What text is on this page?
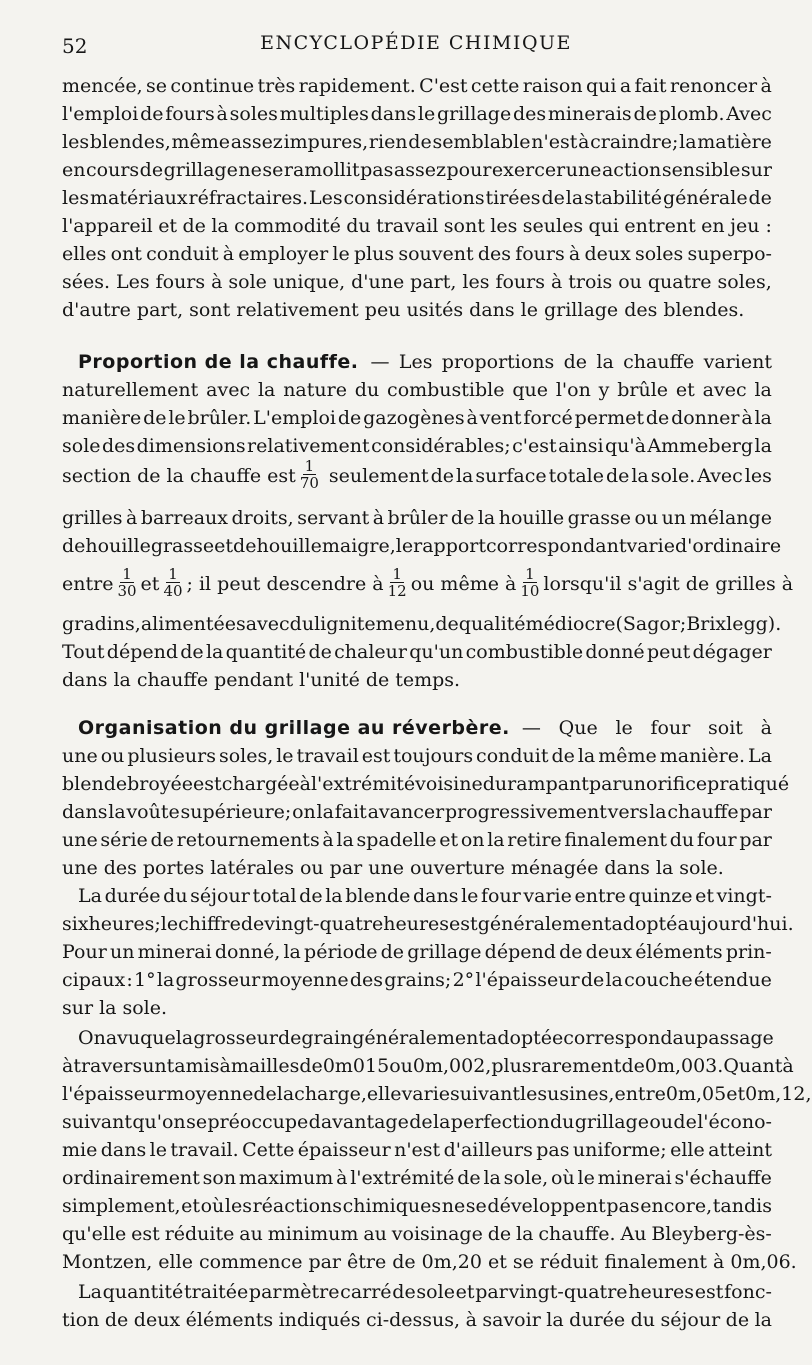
52	ENCYCLOPÉDIE CHIMIQUE
mencée, se continue très rapidement. C'est cette raison qui a fait renoncer à
l'emploi de fours à soles multiples dans le grillage des minerais de plomb. Avec
les blendes, même assez impures, rien de semblable n'est à craindre; la matière
en cours de grillage ne se ramollit pas assez pour exercer une action sensible sur
les matériaux réfractaires. Les considérations tirées de la stabilité générale de
l'appareil et de la commodité du travail sont les seules qui entrent en jeu :
elles ont conduit à employer le plus souvent des fours à deux soles superpo-
sées. Les fours à sole unique, d'une part, les fours à trois ou quatre soles,
d'autre part, sont relativement peu usités dans le grillage des blendes.
Proportion de la chauffe. — Les proportions de la chauffe varient
naturellement avec la nature du combustible que l'on y brûle et avec la
manière de le brûler. L'emploi de gazogènes à vent forcé permet de donner à la
sole des dimensions relativement considérables; c'est ainsi qu'à Ammeberg la
section de la chauffe est $\frac{1}{70}$ seulement de la surface totale de la sole. Avec les
grilles à barreaux droits, servant à brûler de la houille grasse ou un mélange
de houille grasse et de houille maigre, le rapport correspondant varie d'ordinaire
entre $\frac{1}{30}$ et $\frac{1}{40}$ ; il peut descendre à $\frac{1}{12}$ ou même à $\frac{1}{10}$ lorsqu'il s'agit de grilles à
gradins, alimentées avec du lignite menu, de qualité médiocre (Sagor; Brixlegg).
Tout dépend de la quantité de chaleur qu'un combustible donné peut dégager
dans la chauffe pendant l'unité de temps.
Organisation du grillage au réverbère. — Que le four soit à
une ou plusieurs soles, le travail est toujours conduit de la même manière. La
blende broyée est chargée à l'extrémité voisine du rampant par un orifice pratiqué
dans la voûte supérieure; on la fait avancer progressivement vers la chauffe par
une série de retournements à la spadelle et on la retire finalement du four par
une des portes latérales ou par une ouverture ménagée dans la sole.
La durée du séjour total de la blende dans le four varie entre quinze et vingt-
six heures; le chiffre de vingt-quatre heures est généralement adopté aujourd'hui.
Pour un minerai donné, la période de grillage dépend de deux éléments prin-
cipaux : 1° la grosseur moyenne des grains; 2° l'épaisseur de la couche étendue
sur la sole.
On a vu que la grosseur de grain généralement adoptée correspond au passage
à travers un tamis à mailles de 0m015 ou 0m,002, plus rarement de 0m,003. Quant à
l'épaisseur moyenne de la charge, elle varie suivant les usines, entre 0m,05 et 0m,12,
suivant qu'on se préoccupe davantage de la perfection du grillage ou de l'écono-
mie dans le travail. Cette épaisseur n'est d'ailleurs pas uniforme; elle atteint
ordinairement son maximum à l'extrémité de la sole, où le minerai s'échauffe
simplement, et où les réactions chimiques ne se développent pas encore, tandis
qu'elle est réduite au minimum au voisinage de la chauffe. Au Bleyberg-ès-
Montzen, elle commence par être de 0m,20 et se réduit finalement à 0m,06.
La quantité traitée par mètre carré de sole et par vingt-quatre heures est fonc-
tion de deux éléments indiqués ci-dessus, à savoir la durée du séjour de la
